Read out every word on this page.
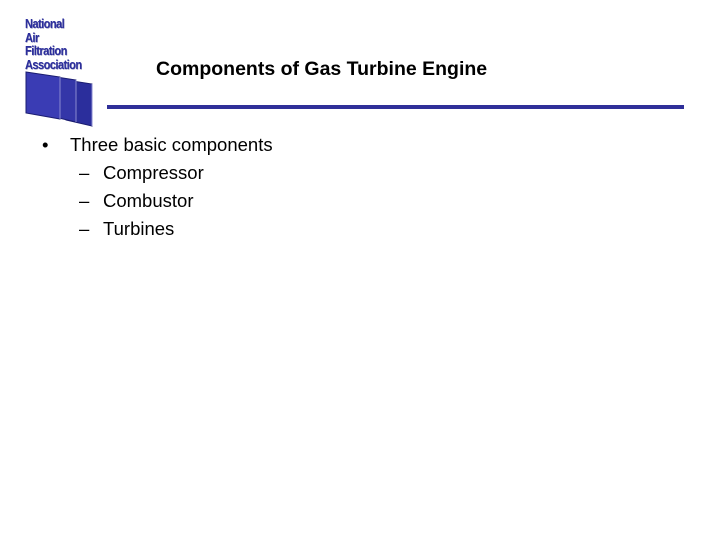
National
Air
Filtration
Association	Components of Gas Turbine Engine
• Three basic components
– Compressor
– Combustor
– Turbines
